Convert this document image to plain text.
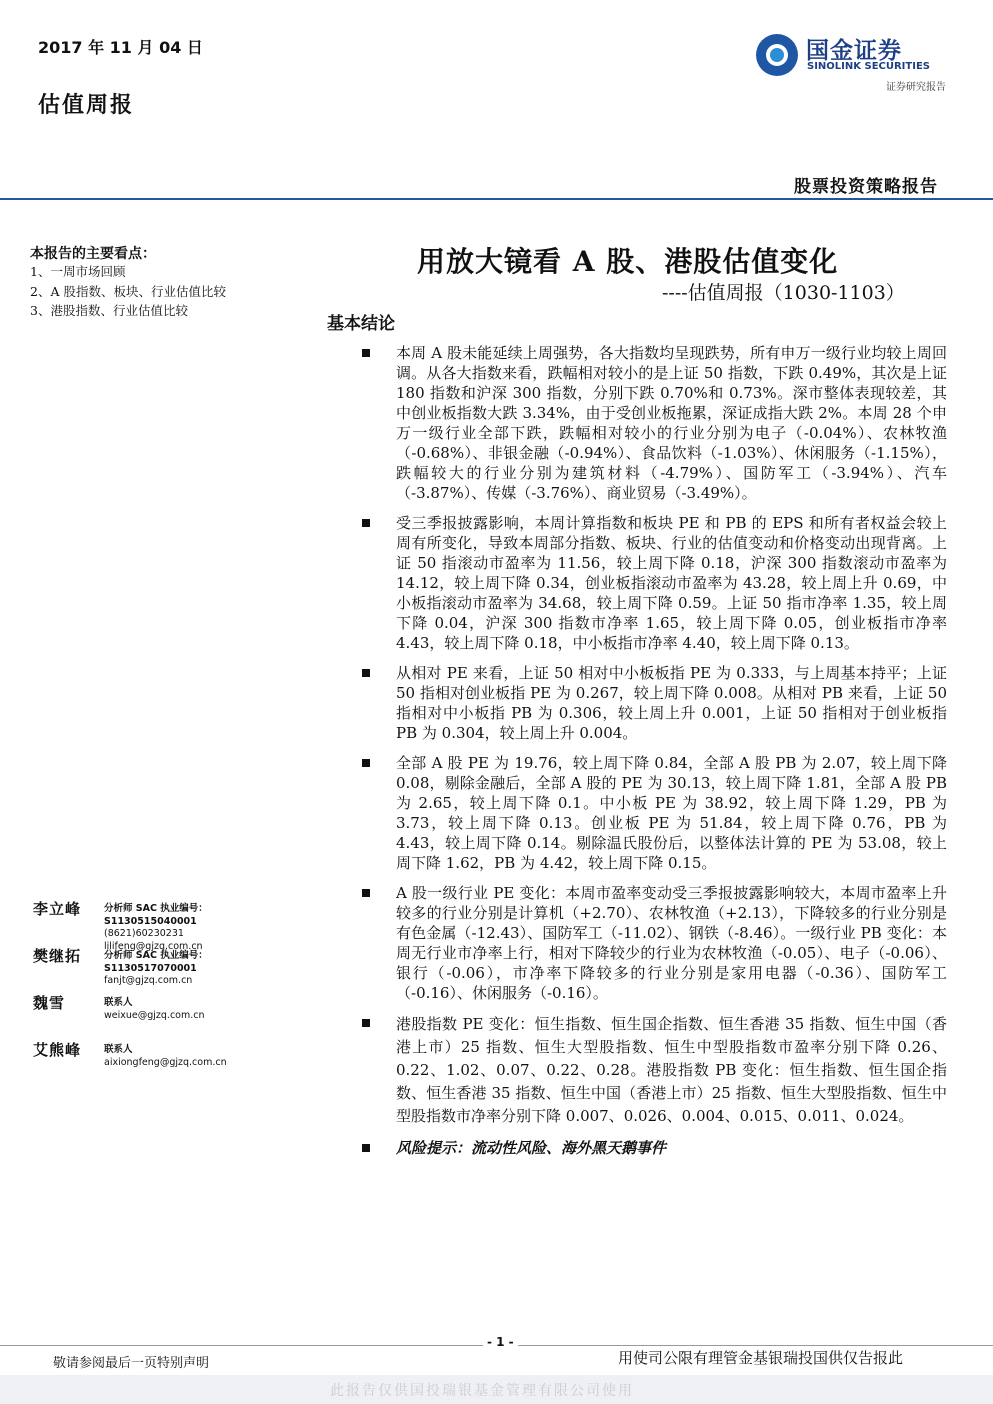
2017 年 11 月 04 日
估值周报
国金证券
SINOLINK SECURITIES
证券研究报告
股票投资策略报告
本报告的主要看点：
1、一周市场回顾
2、A 股指数、板块、行业估值比较
3、港股指数、行业估值比较
李立峰 分析师 SAC 执业编号：S1130515040001
(8621)60230231
lilifeng@gjzq.com.cn
樊继拓 分析师 SAC 执业编号：S1130517070001
fanjt@gjzq.com.cn
魏雪	联系人
weixue@gjzq.com.cn
艾熊峰 联系人
aixiongfeng@gjzq.com.cn
用放大镜看 A 股、港股估值变化
----估值周报（1030-1103）
基本结论
本周 A 股未能延续上周强势，各大指数均呈现跌势，所有申万一级行业均较上周回调。从各大指数来看，跌幅相对较小的是上证 50 指数，下跌 0.49%，其次是上证 180 指数和沪深 300 指数，分别下跌 0.70%和 0.73%。深市整体表现较差，其中创业板指数大跌 3.34%，由于受创业板拖累，深证成指大跌 2%。本周 28 个申万一级行业全部下跌，跌幅相对较小的行业分别为电子（-0.04%）、农林牧渔（-0.68%）、非银金融（-0.94%）、食品饮料（-1.03%）、休闲服务（-1.15%），跌幅较大的行业分别为建筑材料（-4.79%）、国防军工（-3.94%）、汽车（-3.87%）、传媒（-3.76%）、商业贸易（-3.49%）。
受三季报披露影响，本周计算指数和板块 PE 和 PB 的 EPS 和所有者权益会较上周有所变化，导致本周部分指数、板块、行业的估值变动和价格变动出现背离。上证 50 指滚动市盈率为 11.56，较上周下降 0.18，沪深 300 指数滚动市盈率为 14.12，较上周下降 0.34，创业板指滚动市盈率为 43.28，较上周上升 0.69，中小板指滚动市盈率为 34.68，较上周下降 0.59。上证 50 指市净率 1.35，较上周下降 0.04，沪深 300 指数市净率 1.65，较上周下降 0.05，创业板指市净率 4.43，较上周下降 0.18，中小板指市净率 4.40，较上周下降 0.13。
从相对 PE 来看，上证 50 相对中小板板指 PE 为 0.333，与上周基本持平；上证 50 指相对创业板指 PE 为 0.267，较上周下降 0.008。从相对 PB 来看，上证 50 指相对中小板指 PB 为 0.306，较上周上升 0.001，上证 50 指相对于创业板指 PB 为 0.304，较上周上升 0.004。
全部 A 股 PE 为 19.76，较上周下降 0.84，全部 A 股 PB 为 2.07，较上周下降 0.08，剔除金融后，全部 A 股的 PE 为 30.13，较上周下降 1.81，全部 A 股 PB 为 2.65，较上周下降 0.1。中小板 PE 为 38.92，较上周下降 1.29，PB 为 3.73，较上周下降 0.13。创业板 PE 为 51.84，较上周下降 0.76，PB 为 4.43，较上周下降 0.14。剔除温氏股份后，以整体法计算的 PE 为 53.08，较上周下降 1.62，PB 为 4.42，较上周下降 0.15。
A 股一级行业 PE 变化：本周市盈率变动受三季报披露影响较大，本周市盈率上升较多的行业分别是计算机（+2.70）、农林牧渔（+2.13），下降较多的行业分别是有色金属（-12.43）、国防军工（-11.02）、钢铁（-8.46）。一级行业 PB 变化：本周无行业市净率上行，相对下降较少的行业为农林牧渔（-0.05）、电子（-0.06）、银行（-0.06），市净率下降较多的行业分别是家用电器（-0.36）、国防军工（-0.16）、休闲服务（-0.16）。
港股指数 PE 变化：恒生指数、恒生国企指数、恒生香港 35 指数、恒生中国（香港上市）25 指数、恒生大型股指数、恒生中型股指数市盈率分别下降 0.26、0.22、1.02、0.07、0.22、0.28。港股指数 PB 变化：恒生指数、恒生国企指数、恒生香港 35 指数、恒生中国（香港上市）25 指数、恒生大型股指数、恒生中型股指数市净率分别下降 0.007、0.026、0.004、0.015、0.011、0.024。
风险提示：流动性风险、海外黑天鹅事件
- 1 -
敬请参阅最后一页特别声明	用使司公限有理管金基银瑞投国供仅告报此
此报告仅供国投瑞银基金管理有限公司使用
